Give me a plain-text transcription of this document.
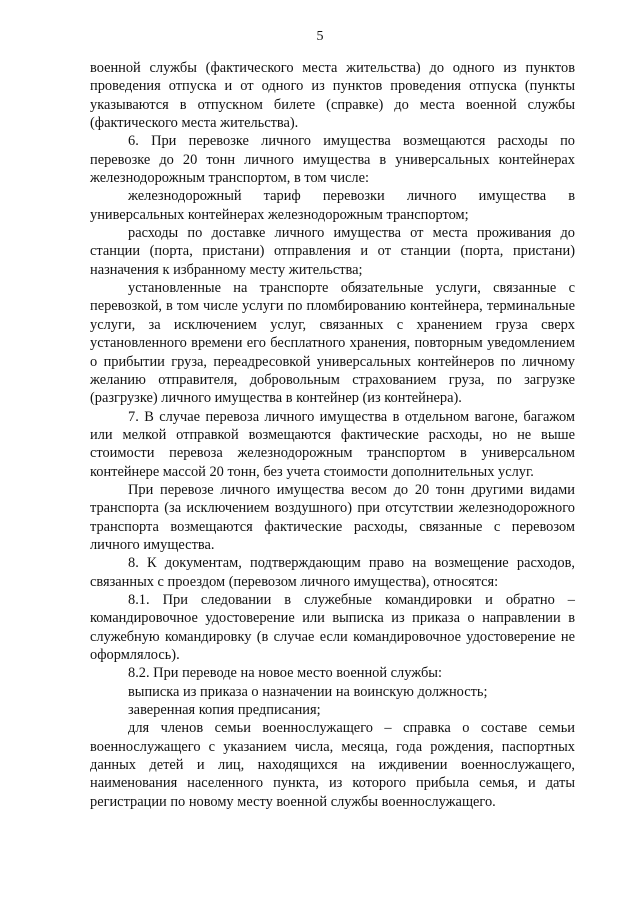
5

военной службы (фактического места жительства) до одного из пунктов проведения отпуска и от одного из пунктов проведения отпуска (пункты указываются в отпускном билете (справке) до места военной службы (фактического места жительства).

6. При перевозке личного имущества возмещаются расходы по перевозке до 20 тонн личного имущества в универсальных контейнерах железнодорожным транспортом, в том числе:

железнодорожный тариф перевозки личного имущества в универсальных контейнерах железнодорожным транспортом;

расходы по доставке личного имущества от места проживания до станции (порта, пристани) отправления и от станции (порта, пристани) назначения к избранному месту жительства;

установленные на транспорте обязательные услуги, связанные с перевозкой, в том числе услуги по пломбированию контейнера, терминальные услуги, за исключением услуг, связанных с хранением груза сверх установленного времени его бесплатного хранения, повторным уведомлением о прибытии груза, переадресовкой универсальных контейнеров по личному желанию отправителя, добровольным страхованием груза, по загрузке (разгрузке) личного имущества в контейнер (из контейнера).

7. В случае перевоза личного имущества в отдельном вагоне, багажом или мелкой отправкой возмещаются фактические расходы, но не выше стоимости перевоза железнодорожным транспортом в универсальном контейнере массой 20 тонн, без учета стоимости дополнительных услуг.

При перевозе личного имущества весом до 20 тонн другими видами транспорта (за исключением воздушного) при отсутствии железнодорожного транспорта возмещаются фактические расходы, связанные с перевозом личного имущества.

8. К документам, подтверждающим право на возмещение расходов, связанных с проездом (перевозом личного имущества), относятся:

8.1. При следовании в служебные командировки и обратно – командировочное удостоверение или выписка из приказа о направлении в служебную командировку (в случае если командировочное удостоверение не оформлялось).

8.2. При переводе на новое место военной службы:

выписка из приказа о назначении на воинскую должность;

заверенная копия предписания;

для членов семьи военнослужащего – справка о составе семьи военнослужащего с указанием числа, месяца, года рождения, паспортных данных детей и лиц, находящихся на иждивении военнослужащего, наименования населенного пункта, из которого прибыла семья, и даты регистрации по новому месту военной службы военнослужащего.
